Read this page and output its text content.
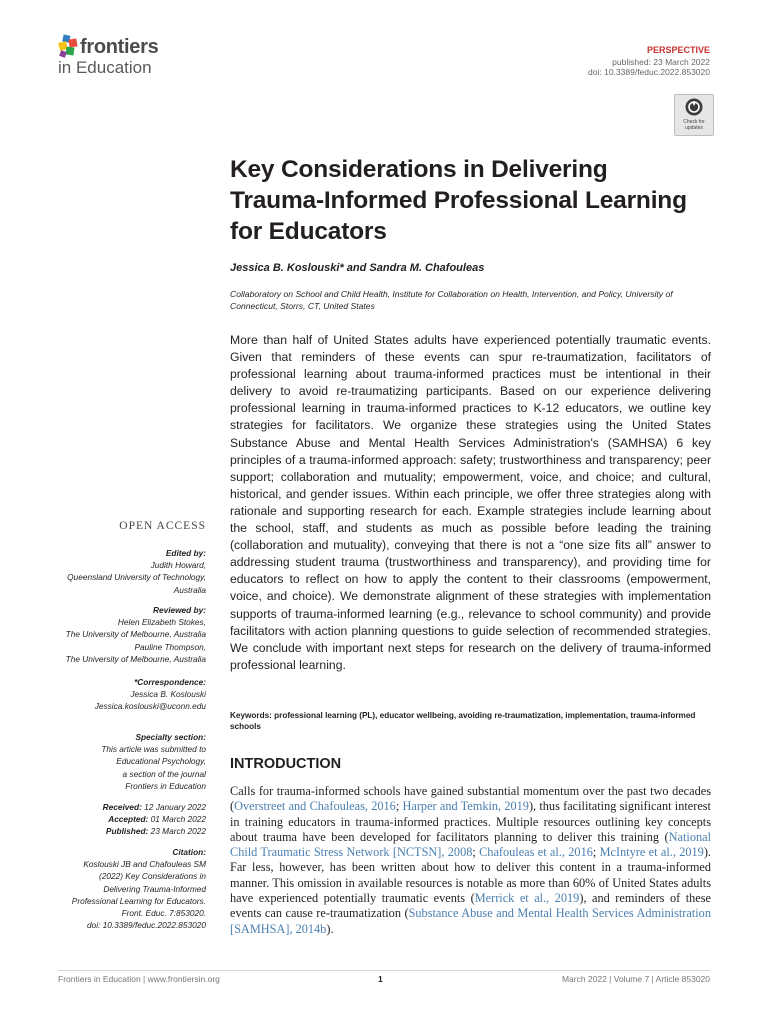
frontiers
in Education
PERSPECTIVE
published: 23 March 2022
doi: 10.3389/feduc.2022.853020
Check for
updates
Key Considerations in Delivering Trauma-Informed Professional Learning for Educators
Jessica B. Koslouski* and Sandra M. Chafouleas
Collaboratory on School and Child Health, Institute for Collaboration on Health, Intervention, and Policy, University of Connecticut, Storrs, CT, United States
More than half of United States adults have experienced potentially traumatic events. Given that reminders of these events can spur re-traumatization, facilitators of professional learning about trauma-informed practices must be intentional in their delivery to avoid re-traumatizing participants. Based on our experience delivering professional learning in trauma-informed practices to K-12 educators, we outline key strategies for facilitators. We organize these strategies using the United States Substance Abuse and Mental Health Services Administration's (SAMHSA) 6 key principles of a trauma-informed approach: safety; trustworthiness and transparency; peer support; collaboration and mutuality; empowerment, voice, and choice; and cultural, historical, and gender issues. Within each principle, we offer three strategies along with rationale and supporting research for each. Example strategies include learning about the school, staff, and students as much as possible before leading the training (collaboration and mutuality), conveying that there is not a “one size fits all” answer to addressing student trauma (trustworthiness and transparency), and providing time for educators to reflect on how to apply the content to their classrooms (empowerment, voice, and choice). We demonstrate alignment of these strategies with implementation supports of trauma-informed learning (e.g., relevance to school community) and provide facilitators with action planning questions to guide selection of recommended strategies. We conclude with important next steps for research on the delivery of trauma-informed professional learning.
Keywords: professional learning (PL), educator wellbeing, avoiding re-traumatization, implementation, trauma-informed schools
OPEN ACCESS
Edited by:
Judith Howard,
Queensland University of Technology,
Australia
Reviewed by:
Helen Elizabeth Stokes,
The University of Melbourne, Australia
Pauline Thompson,
The University of Melbourne, Australia
*Correspondence:
Jessica B. Koslouski
Jessica.koslouski@uconn.edu
Specialty section:
This article was submitted to
Educational Psychology,
a section of the journal
Frontiers in Education
Received: 12 January 2022
Accepted: 01 March 2022
Published: 23 March 2022
Citation:
Koslouski JB and Chafouleas SM
(2022) Key Considerations in
Delivering Trauma-Informed
Professional Learning for Educators.
Front. Educ. 7:853020.
doi: 10.3389/feduc.2022.853020
INTRODUCTION
Calls for trauma-informed schools have gained substantial momentum over the past two decades (Overstreet and Chafouleas, 2016; Harper and Temkin, 2019), thus facilitating significant interest in training educators in trauma-informed practices. Multiple resources outlining key concepts about trauma have been developed for facilitators planning to deliver this training (National Child Traumatic Stress Network [NCTSN], 2008; Chafouleas et al., 2016; McIntyre et al., 2019). Far less, however, has been written about how to deliver this content in a trauma-informed manner. This omission in available resources is notable as more than 60% of United States adults have experienced potentially traumatic events (Merrick et al., 2019), and reminders of these events can cause re-traumatization (Substance Abuse and Mental Health Services Administration [SAMHSA], 2014b).
Frontiers in Education | www.frontiersin.org	1	March 2022 | Volume 7 | Article 853020
